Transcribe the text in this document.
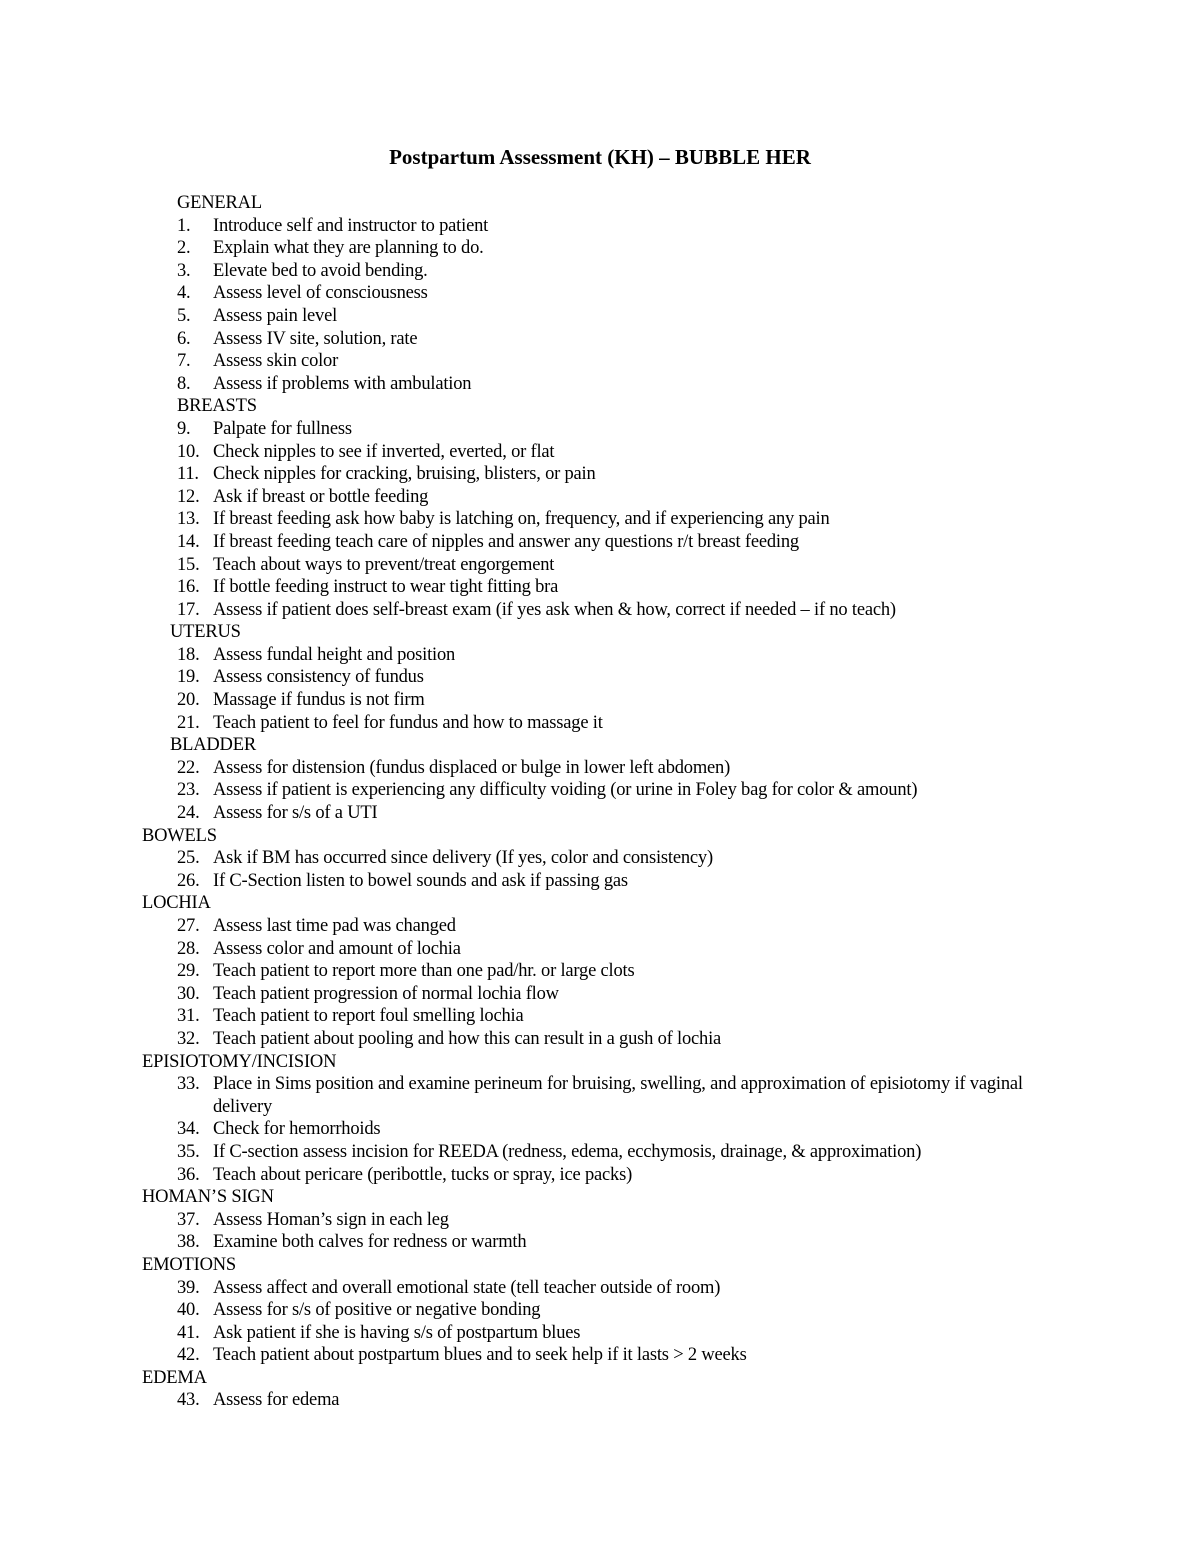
Postpartum Assessment (KH) – BUBBLE HER
GENERAL
1. Introduce self and instructor to patient
2. Explain what they are planning to do.
3. Elevate bed to avoid bending.
4. Assess level of consciousness
5. Assess pain level
6. Assess IV site, solution, rate
7. Assess skin color
8. Assess if problems with ambulation
BREASTS
9. Palpate for fullness
10. Check nipples to see if inverted, everted, or flat
11. Check nipples for cracking, bruising, blisters, or pain
12. Ask if breast or bottle feeding
13. If breast feeding ask how baby is latching on, frequency, and if experiencing any pain
14. If breast feeding teach care of nipples and answer any questions r/t breast feeding
15. Teach about ways to prevent/treat engorgement
16. If bottle feeding instruct to wear tight fitting bra
17. Assess if patient does self-breast exam (if yes ask when & how, correct if needed – if no teach)
UTERUS
18. Assess fundal height and position
19. Assess consistency of fundus
20. Massage if fundus is not firm
21. Teach patient to feel for fundus and how to massage it
BLADDER
22. Assess for distension (fundus displaced or bulge in lower left abdomen)
23. Assess if patient is experiencing any difficulty voiding (or urine in Foley bag for color & amount)
24. Assess for s/s of a UTI
BOWELS
25. Ask if BM has occurred since delivery (If yes, color and consistency)
26. If C-Section listen to bowel sounds and ask if passing gas
LOCHIA
27. Assess last time pad was changed
28. Assess color and amount of lochia
29. Teach patient to report more than one pad/hr. or large clots
30. Teach patient progression of normal lochia flow
31. Teach patient to report foul smelling lochia
32. Teach patient about pooling and how this can result in a gush of lochia
EPISIOTOMY/INCISION
33. Place in Sims position and examine perineum for bruising, swelling, and approximation of episiotomy if vaginal delivery
34. Check for hemorrhoids
35. If C-section assess incision for REEDA (redness, edema, ecchymosis, drainage, & approximation)
36. Teach about pericare (peribottle, tucks or spray, ice packs)
HOMAN’S SIGN
37. Assess Homan’s sign in each leg
38. Examine both calves for redness or warmth
EMOTIONS
39. Assess affect and overall emotional state (tell teacher outside of room)
40. Assess for s/s of positive or negative bonding
41. Ask patient if she is having s/s of postpartum blues
42. Teach patient about postpartum blues and to seek help if it lasts > 2 weeks
EDEMA
43. Assess for edema
